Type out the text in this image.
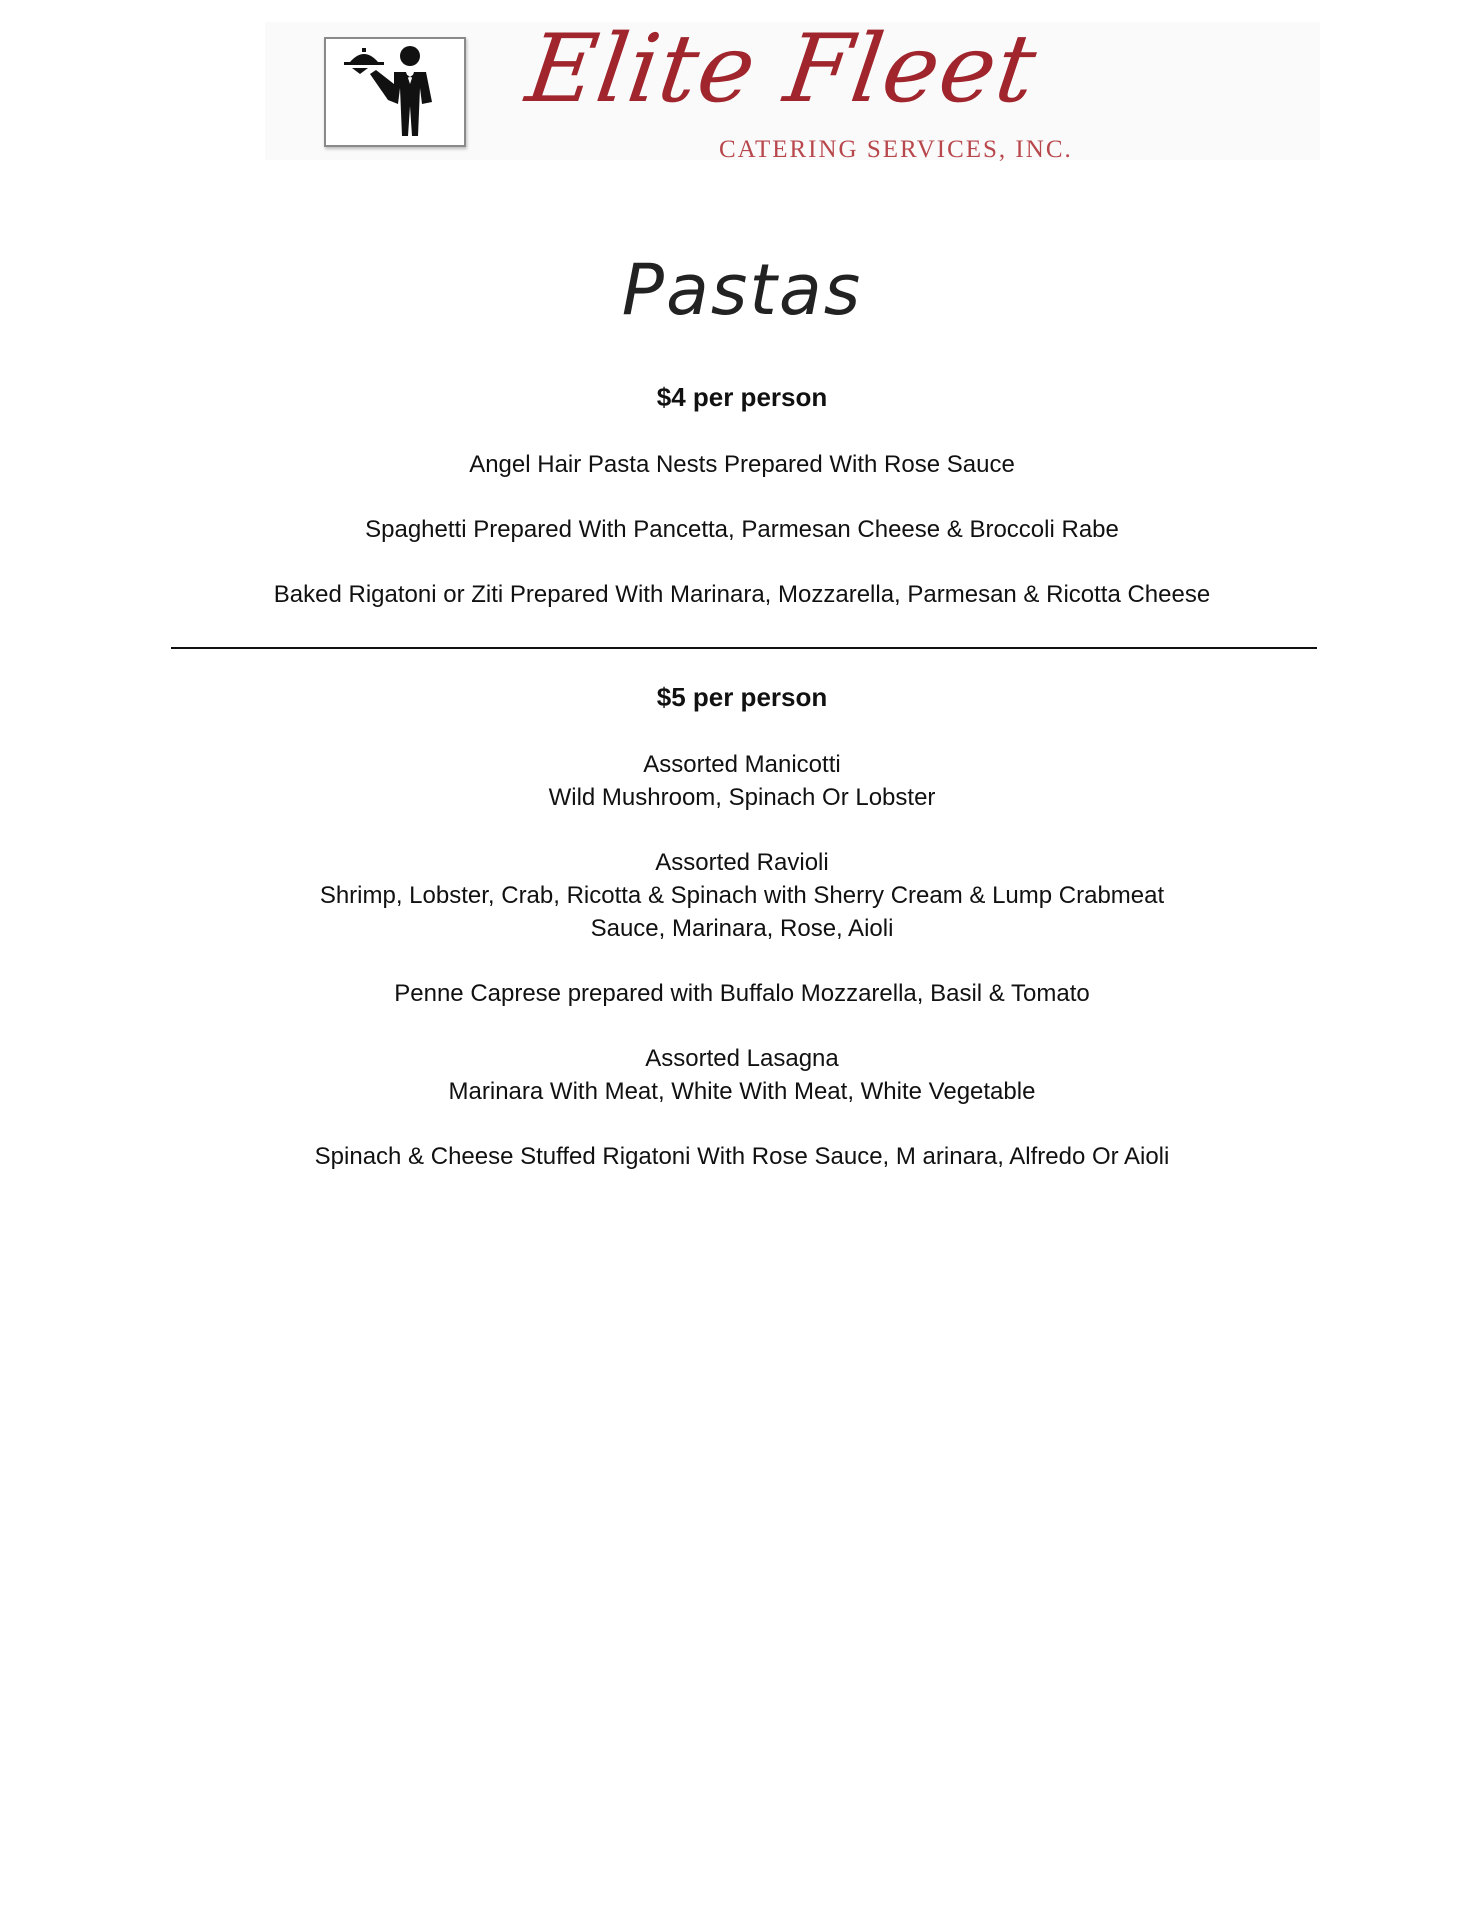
Elite Fleet
CATERING SERVICES, INC.
Pastas
$4 per person
Angel Hair Pasta Nests Prepared With Rose Sauce
Spaghetti Prepared With Pancetta, Parmesan Cheese & Broccoli Rabe
Baked Rigatoni or Ziti Prepared With Marinara, Mozzarella, Parmesan & Ricotta Cheese
$5 per person
Assorted Manicotti
Wild Mushroom, Spinach Or Lobster
Assorted Ravioli
Shrimp, Lobster, Crab, Ricotta & Spinach with Sherry Cream & Lump Crabmeat
Sauce, Marinara, Rose, Aioli
Penne Caprese prepared with Buffalo Mozzarella, Basil & Tomato
Assorted Lasagna
Marinara With Meat, White With Meat, White Vegetable
Spinach & Cheese Stuffed Rigatoni With Rose Sauce, M arinara, Alfredo Or Aioli
